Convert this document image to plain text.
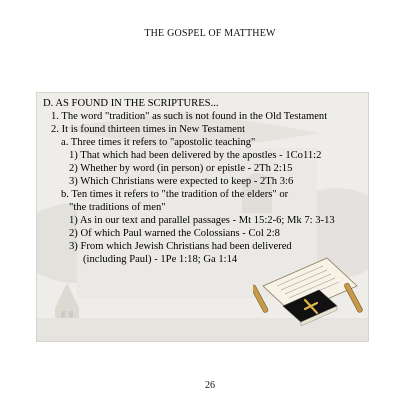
THE GOSPEL OF MATTHEW
D. AS FOUND IN THE SCRIPTURES...
1. The word "tradition" as such is not found in the Old Testament
2. It is found thirteen times in New Testament
a. Three times it refers to "apostolic teaching"
1) That which had been delivered by the apostles - 1Co11:2
2) Whether by word (in person) or epistle - 2Th 2:15
3) Which Christians were expected to keep - 2Th 3:6
b. Ten times it refers to "the tradition of the elders" or
"the traditions of men"
1) As in our text and parallel passages - Mt 15:2-6; Mk 7: 3-13
2) Of which Paul warned the Colossians - Col 2:8
3) From which Jewish Christians had been delivered
(including Paul) - 1Pe 1:18; Ga 1:14
26
